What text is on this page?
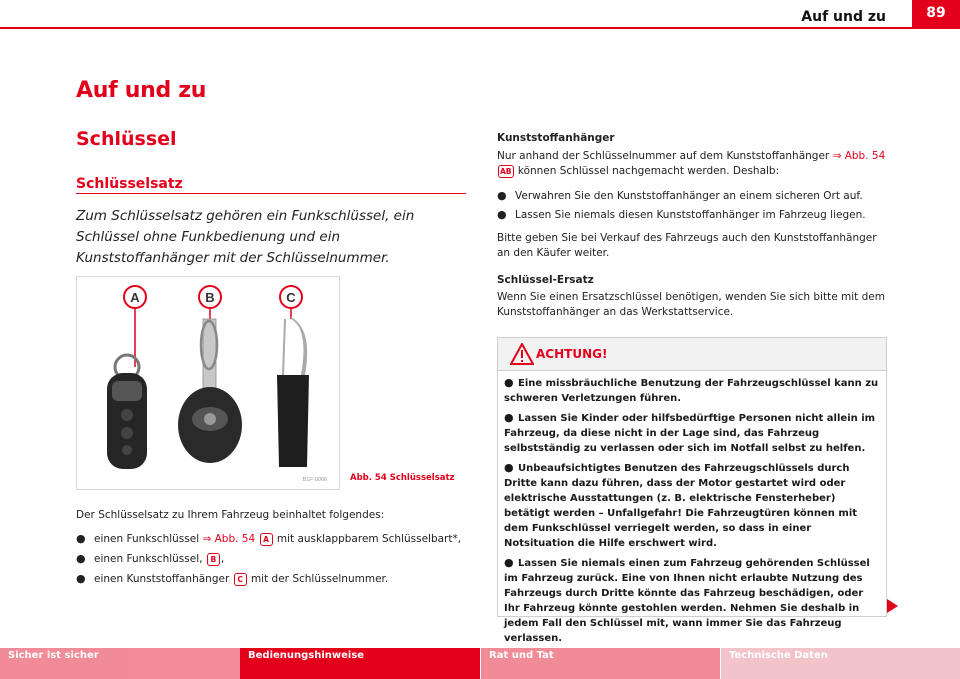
Auf und zu	89
Auf und zu
Schlüssel
Schlüsselsatz
Zum Schlüsselsatz gehören ein Funkschlüssel, ein Schlüssel ohne Funkbedienung und ein Kunststoffanhänger mit der Schlüsselnummer.
A	B	C
B1P-0066	Abb. 54 Schlüsselsatz
Der Schlüsselsatz zu Ihrem Fahrzeug beinhaltet folgendes:
● einen Funkschlüssel ⇒ Abb. 54 A mit ausklappbarem Schlüsselbart*,
● einen Funkschlüssel, B ,
● einen Kunststoffanhänger C mit der Schlüsselnummer.
Kunststoffanhänger
Nur anhand der Schlüsselnummer auf dem Kunststoffanhänger ⇒ Abb. 54
AB können Schlüssel nachgemacht werden. Deshalb:
● Verwahren Sie den Kunststoffanhänger an einem sicheren Ort auf.
● Lassen Sie niemals diesen Kunststoffanhänger im Fahrzeug liegen.
Bitte geben Sie bei Verkauf des Fahrzeugs auch den Kunststoffanhänger an den Käufer weiter.
Schlüssel-Ersatz
Wenn Sie einen Ersatzschlüssel benötigen, wenden Sie sich bitte mit dem Kunststoffanhänger an das Werkstattservice.
ACHTUNG!
● Eine missbräuchliche Benutzung der Fahrzeugschlüssel kann zu schweren Verletzungen führen.
● Lassen Sie Kinder oder hilfsbedürftige Personen nicht allein im Fahrzeug, da diese nicht in der Lage sind, das Fahrzeug selbstständig zu verlassen oder sich im Notfall selbst zu helfen.
● Unbeaufsichtigtes Benutzen des Fahrzeugschlüssels durch Dritte kann dazu führen, dass der Motor gestartet wird oder elektrische Ausstattungen (z. B. elektrische Fensterheber) betätigt werden – Unfallgefahr! Die Fahrzeugtüren können mit dem Funkschlüssel verriegelt werden, so dass in einer Notsituation die Hilfe erschwert wird.
● Lassen Sie niemals einen zum Fahrzeug gehörenden Schlüssel im Fahrzeug zurück. Eine von Ihnen nicht erlaubte Nutzung des Fahrzeugs durch Dritte könnte das Fahrzeug beschädigen, oder Ihr Fahrzeug könnte gestohlen werden. Nehmen Sie deshalb in jedem Fall den Schlüssel mit, wann immer Sie das Fahrzeug verlassen.
Sicher ist sicher	Bedienungshinweise	Rat und Tat	Technische Daten
